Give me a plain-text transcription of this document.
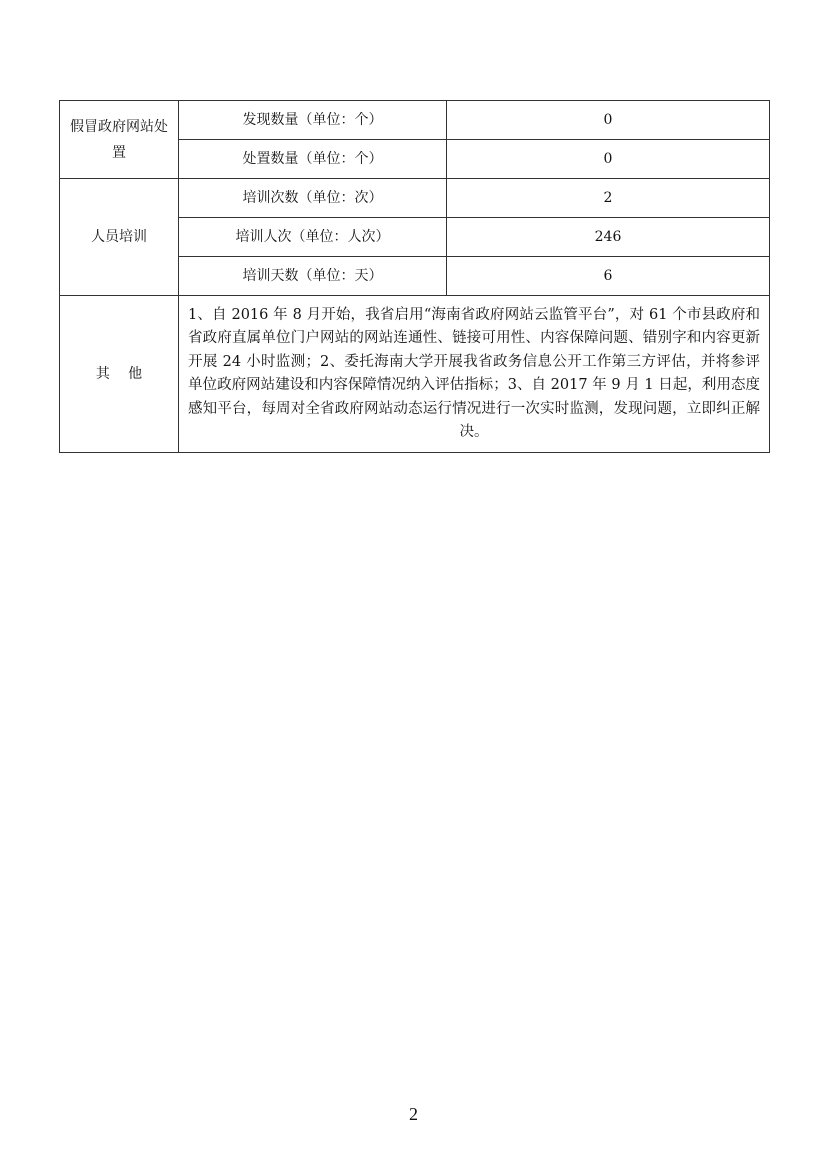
假冒政府网站处置	发现数量（单位：个）	0
	处置数量（单位：个）	0
人员培训	培训次数（单位：次）	2
	培训人次（单位：人次）	246
	培训天数（单位：天）	6
其他	1、自 2016 年 8 月开始，我省启用“海南省政府网站云监管平台”，对 61 个市县政府和省政府直属单位门户网站的网站连通性、链接可用性、内容保障问题、错别字和内容更新开展 24 小时监测；2、委托海南大学开展我省政务信息公开工作第三方评估，并将参评单位政府网站建设和内容保障情况纳入评估指标；3、自 2017 年 9 月 1 日起，利用态度感知平台，每周对全省政府网站动态运行情况进行一次实时监测，发现问题，立即纠正解决。	
2
